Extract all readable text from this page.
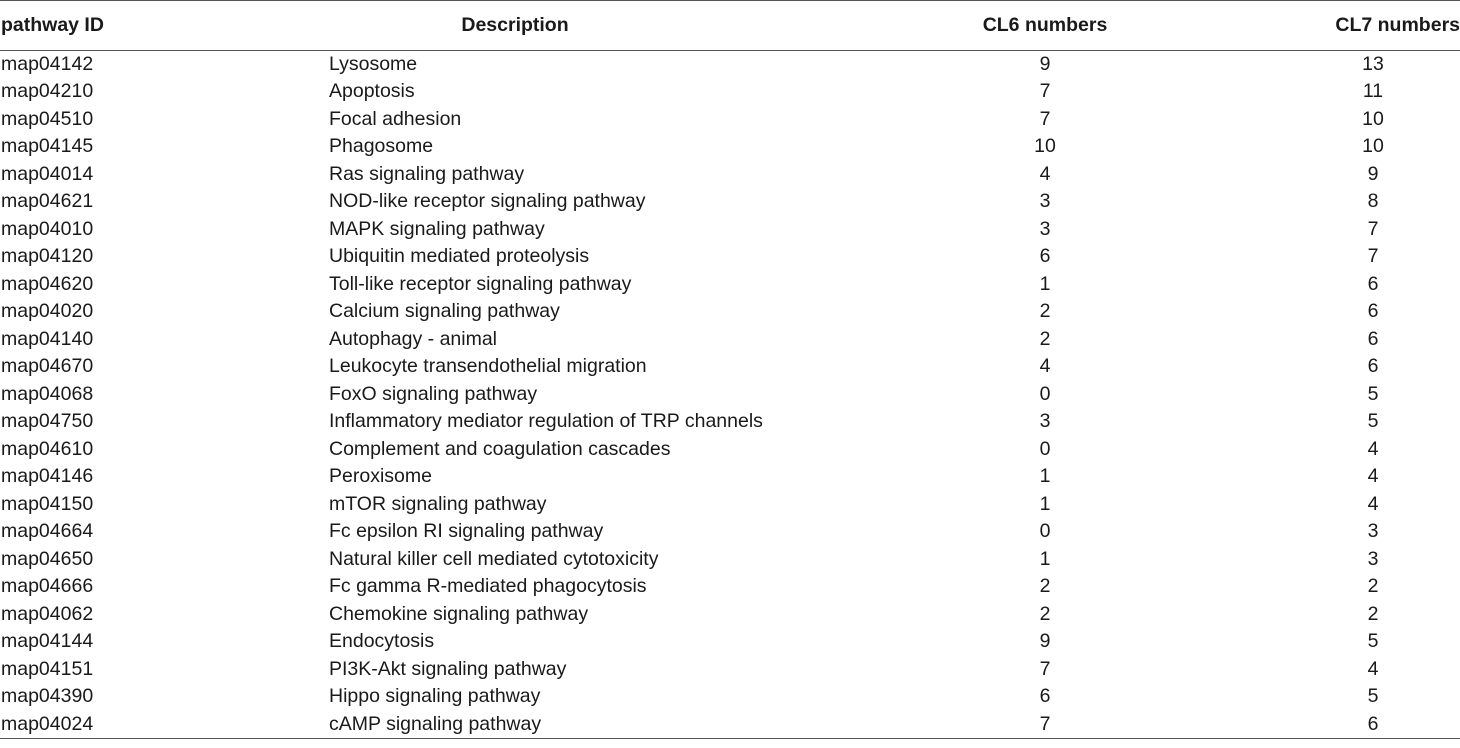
pathway ID	Description	CL6 numbers	CL7 numbers
map04142	Lysosome	9	13
map04210	Apoptosis	7	11
map04510	Focal adhesion	7	10
map04145	Phagosome	10	10
map04014	Ras signaling pathway	4	9
map04621	NOD-like receptor signaling pathway	3	8
map04010	MAPK signaling pathway	3	7
map04120	Ubiquitin mediated proteolysis	6	7
map04620	Toll-like receptor signaling pathway	1	6
map04020	Calcium signaling pathway	2	6
map04140	Autophagy - animal	2	6
map04670	Leukocyte transendothelial migration	4	6
map04068	FoxO signaling pathway	0	5
map04750	Inflammatory mediator regulation of TRP channels	3	5
map04610	Complement and coagulation cascades	0	4
map04146	Peroxisome	1	4
map04150	mTOR signaling pathway	1	4
map04664	Fc epsilon RI signaling pathway	0	3
map04650	Natural killer cell mediated cytotoxicity	1	3
map04666	Fc gamma R-mediated phagocytosis	2	2
map04062	Chemokine signaling pathway	2	2
map04144	Endocytosis	9	5
map04151	PI3K-Akt signaling pathway	7	4
map04390	Hippo signaling pathway	6	5
map04024	cAMP signaling pathway	7	6
